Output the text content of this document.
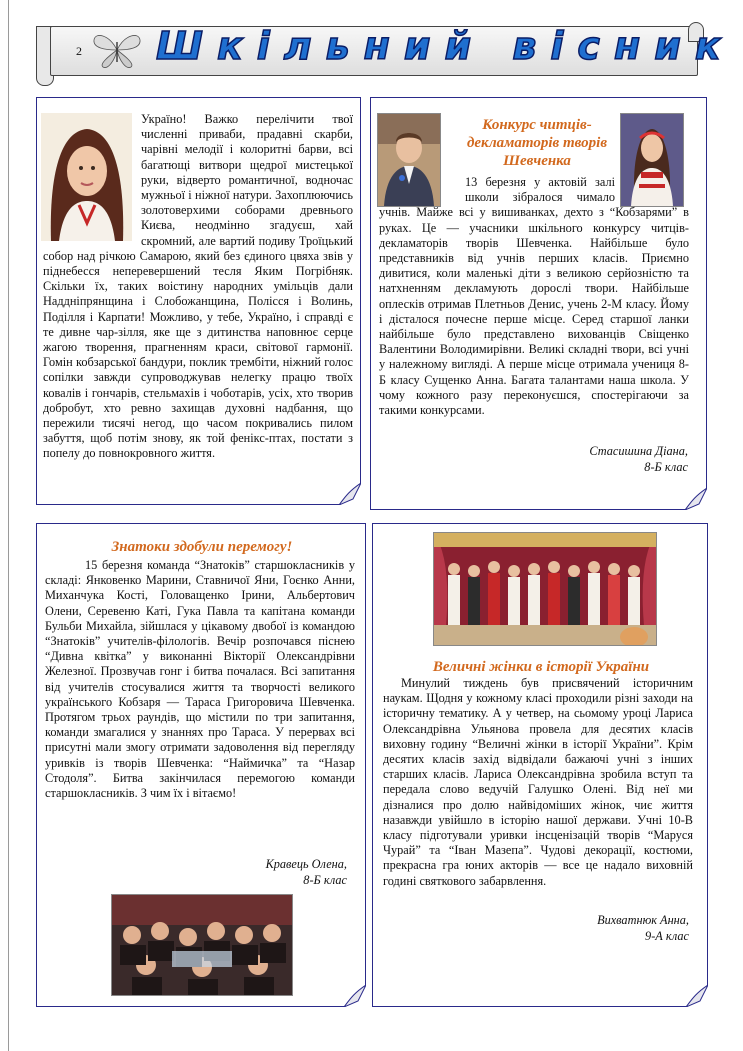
2 Шкільний вісник
Україно! Важко перелічити твої численні приваби, прадавні скарби, чарівні мелодії і колоритні барви, всі багатющі витвори щедрої мистецької руки, відверто романтичної, водночас мужньої і ніжної натури. Захоплюючись золотоверхими соборами древнього Києва, неодмінно згадуєш, хай скромний, але вартий подиву Троїцький собор над річкою Самарою, який без єдиного цвяха звів у піднебесся неперевершений тесля Яким Погрібняк. Скільки їх, таких воістину народних умільців дали Наддніпрянщина і Слобожанщина, Полісся і Волинь, Поділля і Карпати! Можливо, у тебе, Україно, і справді є те дивне чар-зілля, яке ще з дитинства наповнює серце жагою творення, прагненням краси, світової гармонії. Гомін кобзарської бандури, поклик трембіти, ніжний голос сопілки завжди супроводжував нелегку працю твоїх ковалів і гончарів, стельмахів і чоботарів, усіх, хто творив добробут, хто ревно захищав духовні надбання, що пережили тисячі негод, що часом покривались пилом забуття, щоб потім знову, як той фенікс-птах, постати з попелу до повнокровного життя.

Конкурс читців-декламаторів творів Шевченка

13 березня у актовій залі школи зібралося чимало учнів. Майже всі у вишиванках, дехто з “Кобзарями” в руках. Це — учасники шкільного конкурсу читців-декламаторів творів Шевченка. Найбільше було представників від учнів перших класів. Приємно дивитися, коли маленькі діти з великою серйозністю та натхненням декламують дорослі твори. Найбільше оплесків отримав Плетньов Денис, учень 2-М класу. Йому і дісталося почесне перше місце. Серед старшої ланки найбільше було представлено вихованців Свіщенко Валентини Володимирівни. Великі складні твори, всі учні у належному вигляді. А перше місце отримала учениця 8-Б класу Сущенко Анна. Багата талантами наша школа. У чому кожного разу переконуєшся, спостерігаючи за такими конкурсами.

Стасишина Діана,
8-Б клас

Знатоки здобули перемогу!

15 березня команда “Знатоків” старшокласників у складі: Янковенко Марини, Ставничої Яни, Гоєнко Анни, Миханчука Кості, Головащенко Ірини, Альбертович Олени, Серевеню Каті, Гука Павла та капітана команди Бульби Михайла, зійшлася у цікавому двобої із командою “Знатоків” учителів-філологів. Вечір розпочався піснею “Дивна квітка” у виконанні Вікторії Олександрівни Железної. Прозвучав гонг і битва почалася. Всі запитання від учителів стосувалися життя та творчості великого українського Кобзаря — Тараса Григоровича Шевченка. Протягом трьох раундів, що містили по три запитання, команди змагалися у знаннях про Тараса. У перервах всі присутні мали змогу отримати задоволення від перегляду уривків із творів Шевченка: “Наймичка” та “Назар Стодоля”. Битва закінчилася перемогою команди старшокласників. З чим їх і вітаємо!

Кравець Олена,
8-Б клас

Величні жінки в історії України

Минулий тиждень був присвячений історичним наукам. Щодня у кожному класі проходили різні заходи на історичну тематику. А у четвер, на сьомому уроці Лариса Олександрівна Ульянова провела для десятих класів виховну годину “Величні жінки в історії України”. Крім десятих класів захід відвідали бажаючі учні з інших старших класів. Лариса Олександрівна зробила вступ та передала слово ведучій Галушко Олені. Від неї ми дізналися про долю найвідоміших жінок, чиє життя назавжди увійшло в історію нашої держави. Учні 10-В класу підготували уривки інсценізацій творів “Маруся Чурай” та “Іван Мазепа”. Чудові декорації, костюми, прекрасна гра юних акторів — все це надало виховній годині святкового забарвлення.

Вихватнюк Анна,
9-А клас
